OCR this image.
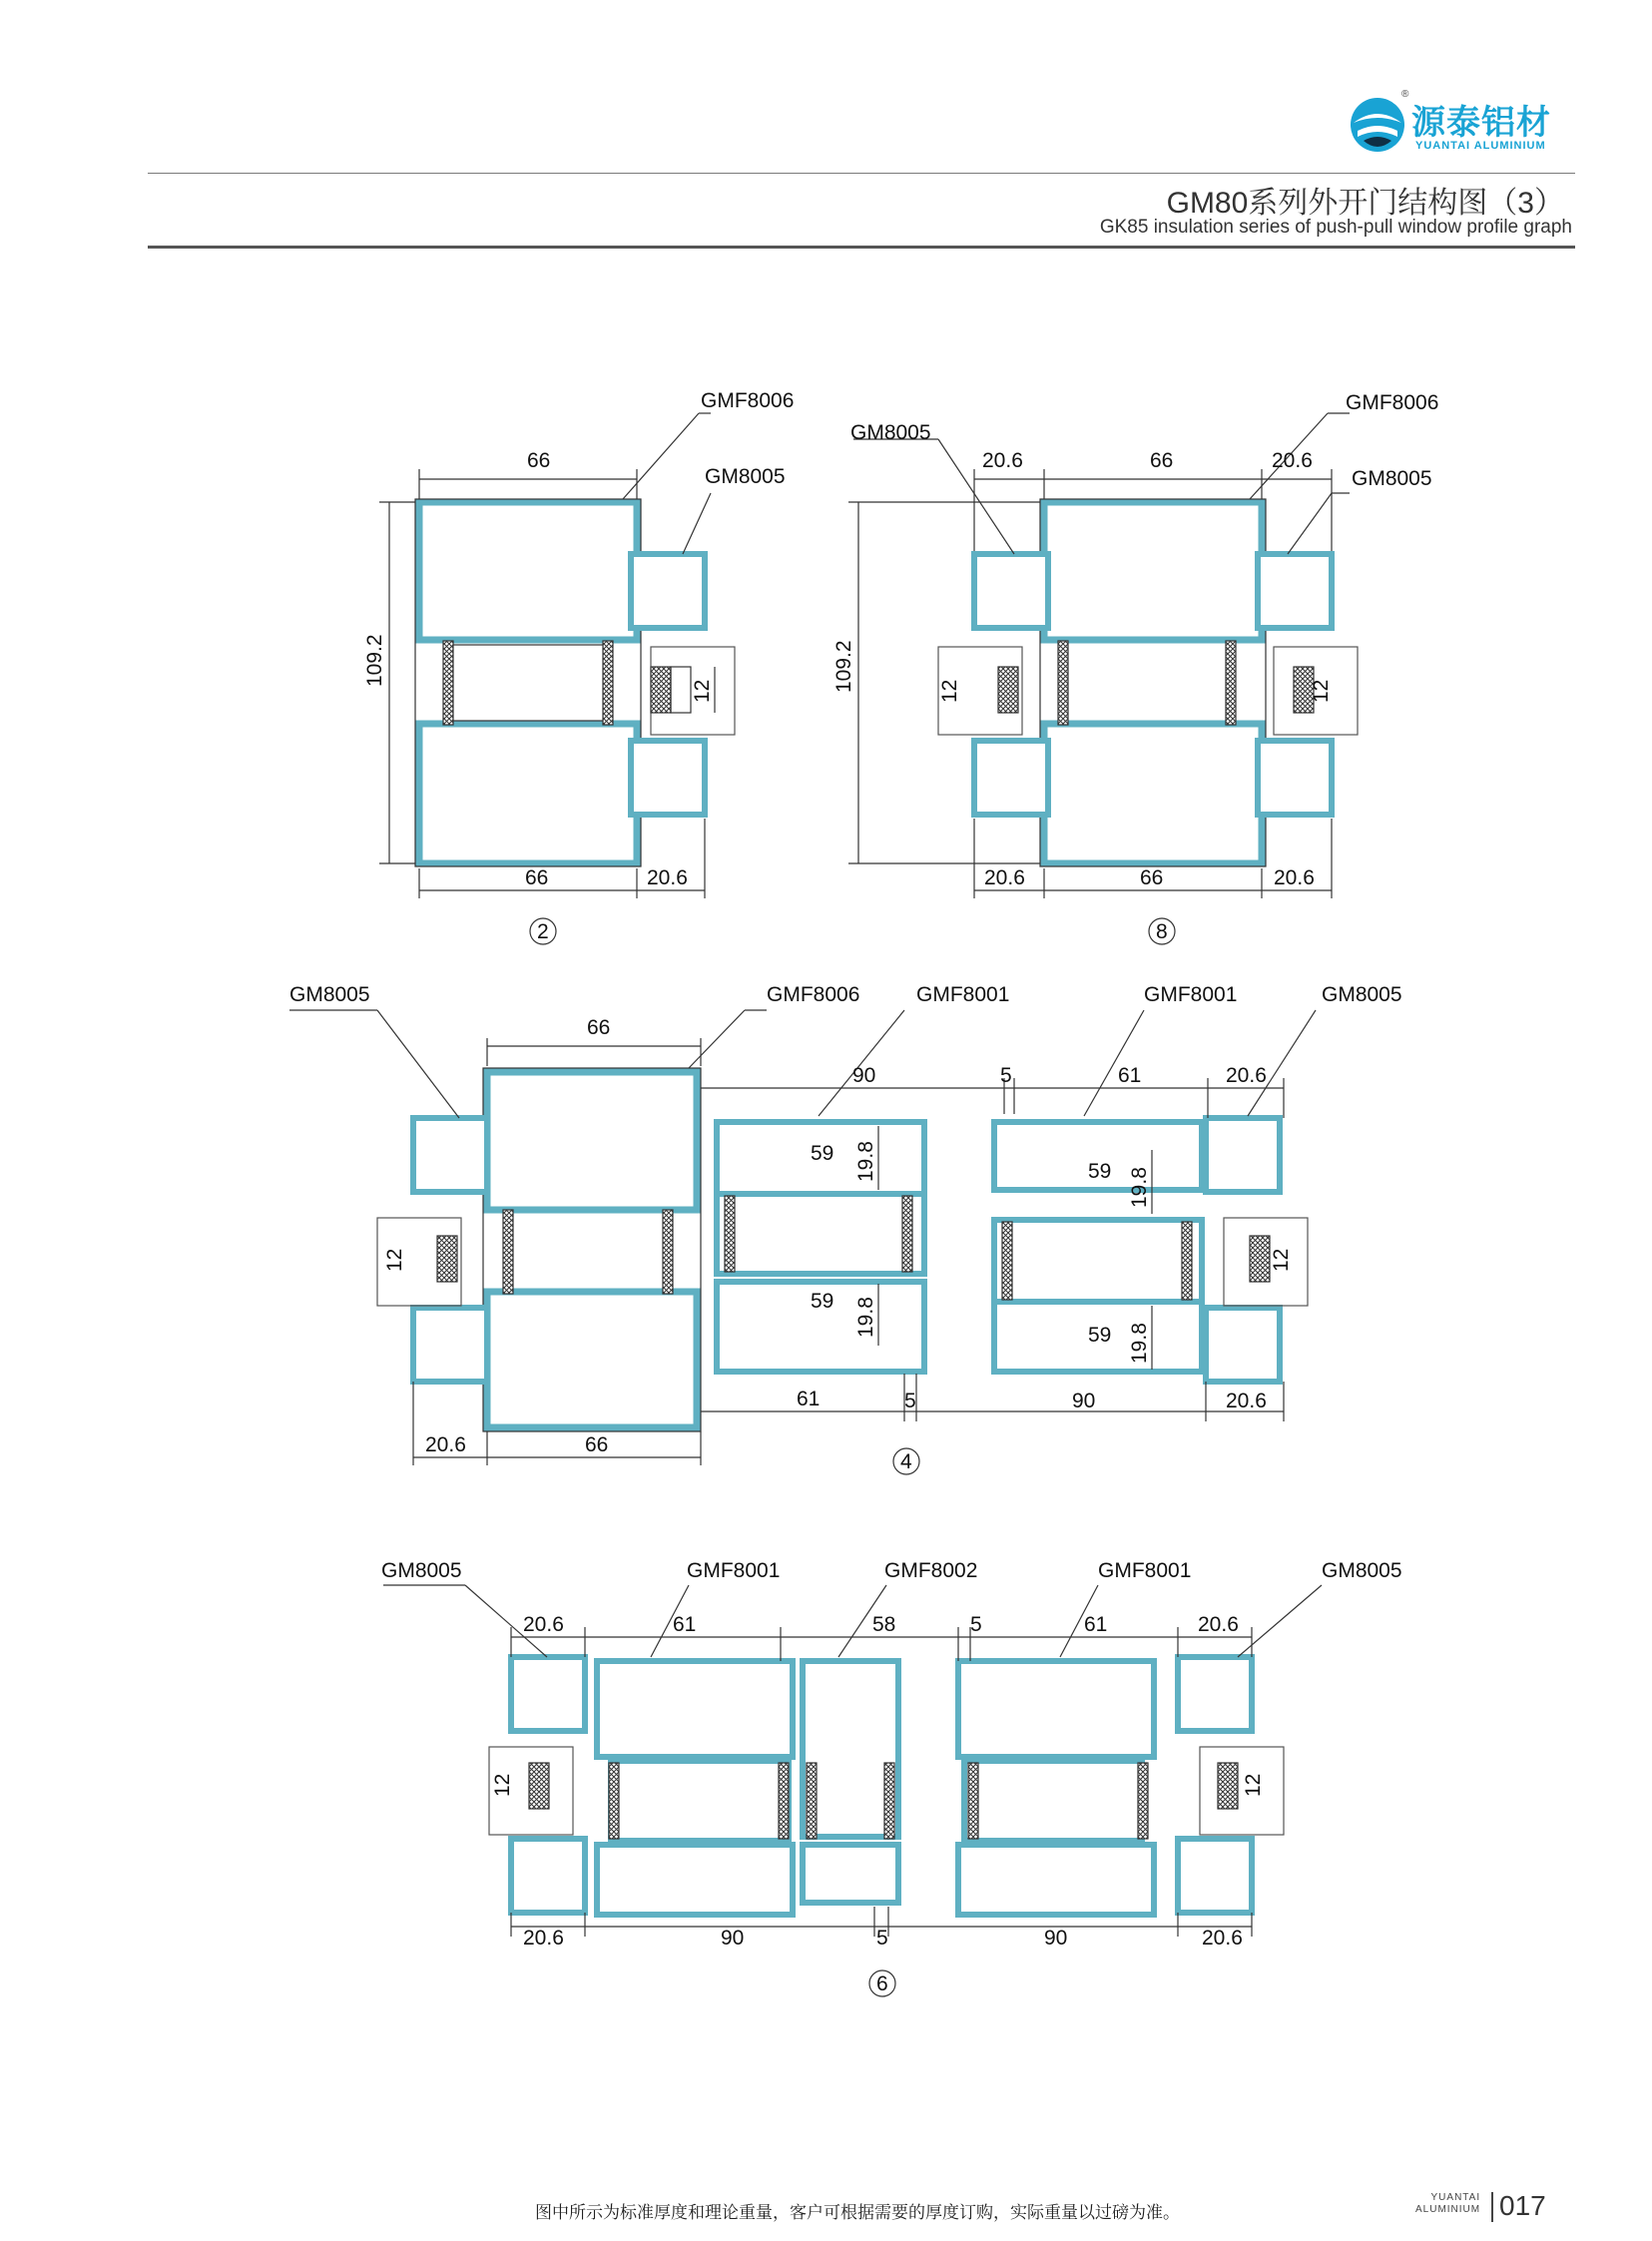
®
源泰铝材
YUANTAI ALUMINIUM
GM80系列外开门结构图（3）
GK85 insulation series of push-pull window profile graph
GMF8006
GM8005
66
109.2
66	20.6
12
2
GM8005
GMF8006
GM8005
20.6	66	20.6
109.2
20.6	66	20.6
12	12
8
GM8005	GMF8006	GMF8001	GMF8001	GM8005
66
90	5	61	20.6
59 19.8	59 19.8
59 19.8	59 19.8
20.6	66
61	5	90	20.6
12	12
4
GM8005	GMF8001	GMF8002	GMF8001	GM8005
20.6	61	58	5	61	20.6
20.6	90	5	90	20.6
12	12
6
图中所示为标准厚度和理论重量，客户可根据需要的厚度订购，实际重量以过磅为准。
YUANTAI
ALUMINIUM 017
